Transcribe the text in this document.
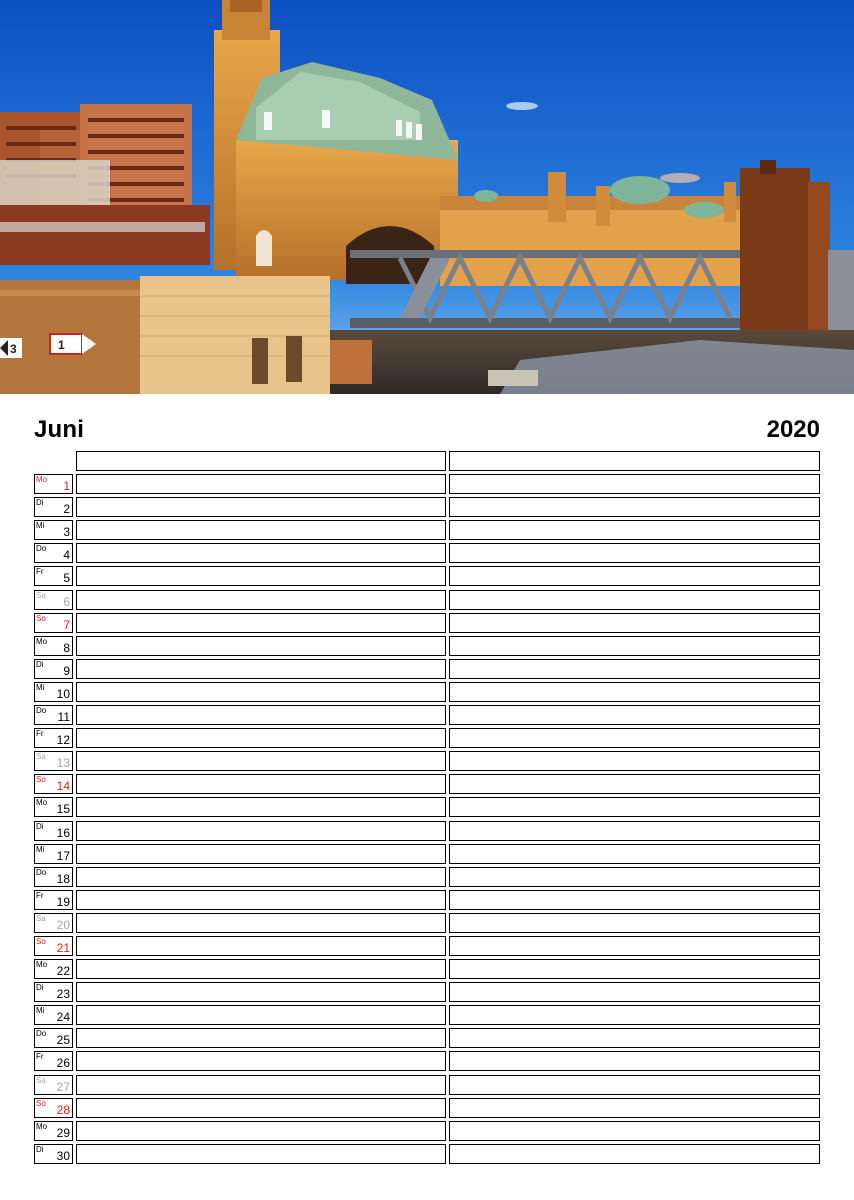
3	1
Juni	2020
Mo 1
Di 2
Mi 3
Do 4
Fr 5
Sa 6
So 7
Mo 8
Di 9
Mi 10
Do 11
Fr 12
Sa 13
So 14
Mo 15
Di 16
Mi 17
Do 18
Fr 19
Sa 20
So 21
Mo 22
Di 23
Mi 24
Do 25
Fr 26
Sa 27
So 28
Mo 29
Di 30
